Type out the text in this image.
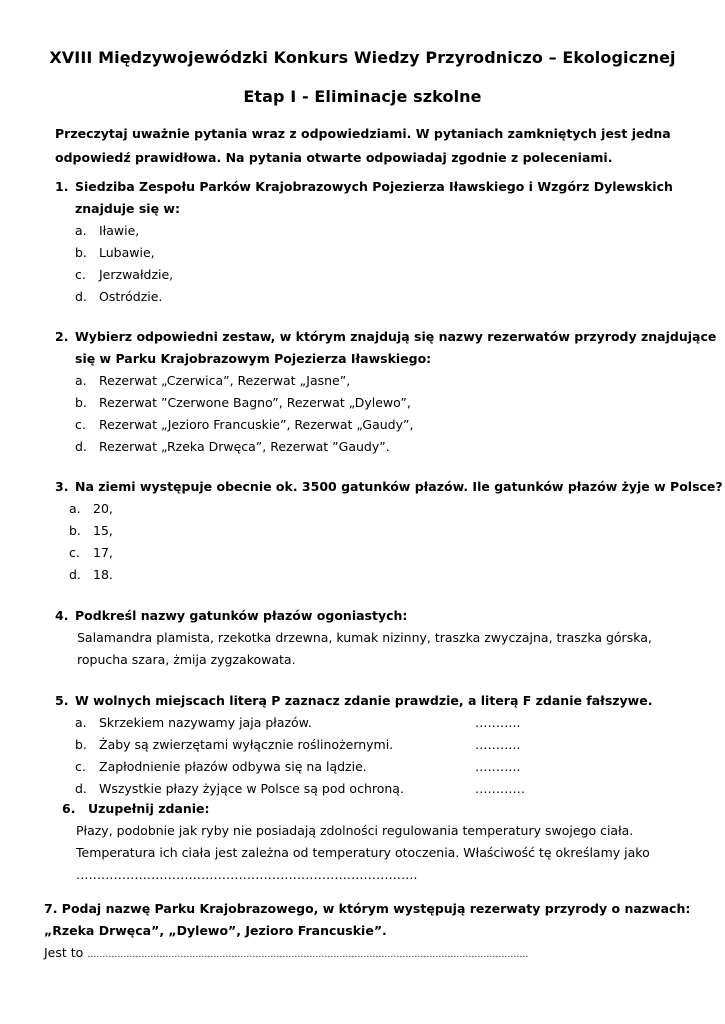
XVIII Międzywojewódzki Konkurs Wiedzy Przyrodniczo – Ekologicznej
Etap I - Eliminacje szkolne
Przeczytaj uważnie pytania wraz z odpowiedziami. W pytaniach zamkniętych jest jedna
odpowiedź prawidłowa. Na pytania otwarte odpowiadaj zgodnie z poleceniami.
1. Siedziba Zespołu Parków Krajobrazowych Pojezierza Iławskiego i Wzgórz Dylewskich
znajduje się w:
a. Iławie,
b. Lubawie,
c. Jerzwałdzie,
d. Ostródzie.
2. Wybierz odpowiedni zestaw, w którym znajdują się nazwy rezerwatów przyrody znajdujące
się w Parku Krajobrazowym Pojezierza Iławskiego:
a. Rezerwat „Czerwica”, Rezerwat „Jasne”,
b. Rezerwat ”Czerwone Bagno”, Rezerwat „Dylewo”,
c. Rezerwat „Jezioro Francuskie”, Rezerwat „Gaudy”,
d. Rezerwat „Rzeka Drwęca”, Rezerwat ”Gaudy”.
3. Na ziemi występuje obecnie ok. 3500 gatunków płazów. Ile gatunków płazów żyje w Polsce?
a. 20,
b. 15,
c. 17,
d. 18.
4. Podkreśl nazwy gatunków płazów ogoniastych:
Salamandra plamista, rzekotka drzewna, kumak nizinny, traszka zwyczajna, traszka górska,
ropucha szara, żmija zygzakowata.
5. W wolnych miejscach literą P zaznacz zdanie prawdzie, a literą F zdanie fałszywe.
a. Skrzekiem nazywamy jaja płazów.	………..
b. Żaby są zwierzętami wyłącznie roślinożernymi.	………..
c. Zapłodnienie płazów odbywa się na lądzie.	………..
d. Wszystkie płazy żyjące w Polsce są pod ochroną.	…………
6. Uzupełnij zdanie:
Płazy, podobnie jak ryby nie posiadają zdolności regulowania temperatury swojego ciała.
Temperatura ich ciała jest zależna od temperatury otoczenia. Właściwość tę określamy jako
……………………………………………………………………….
7. Podaj nazwę Parku Krajobrazowego, w którym występują rezerwaty przyrody o nazwach:
„Rzeka Drwęca”, „Dylewo”, Jezioro Francuskie”.
Jest to …………………………………………………………………………………………………………………………………
